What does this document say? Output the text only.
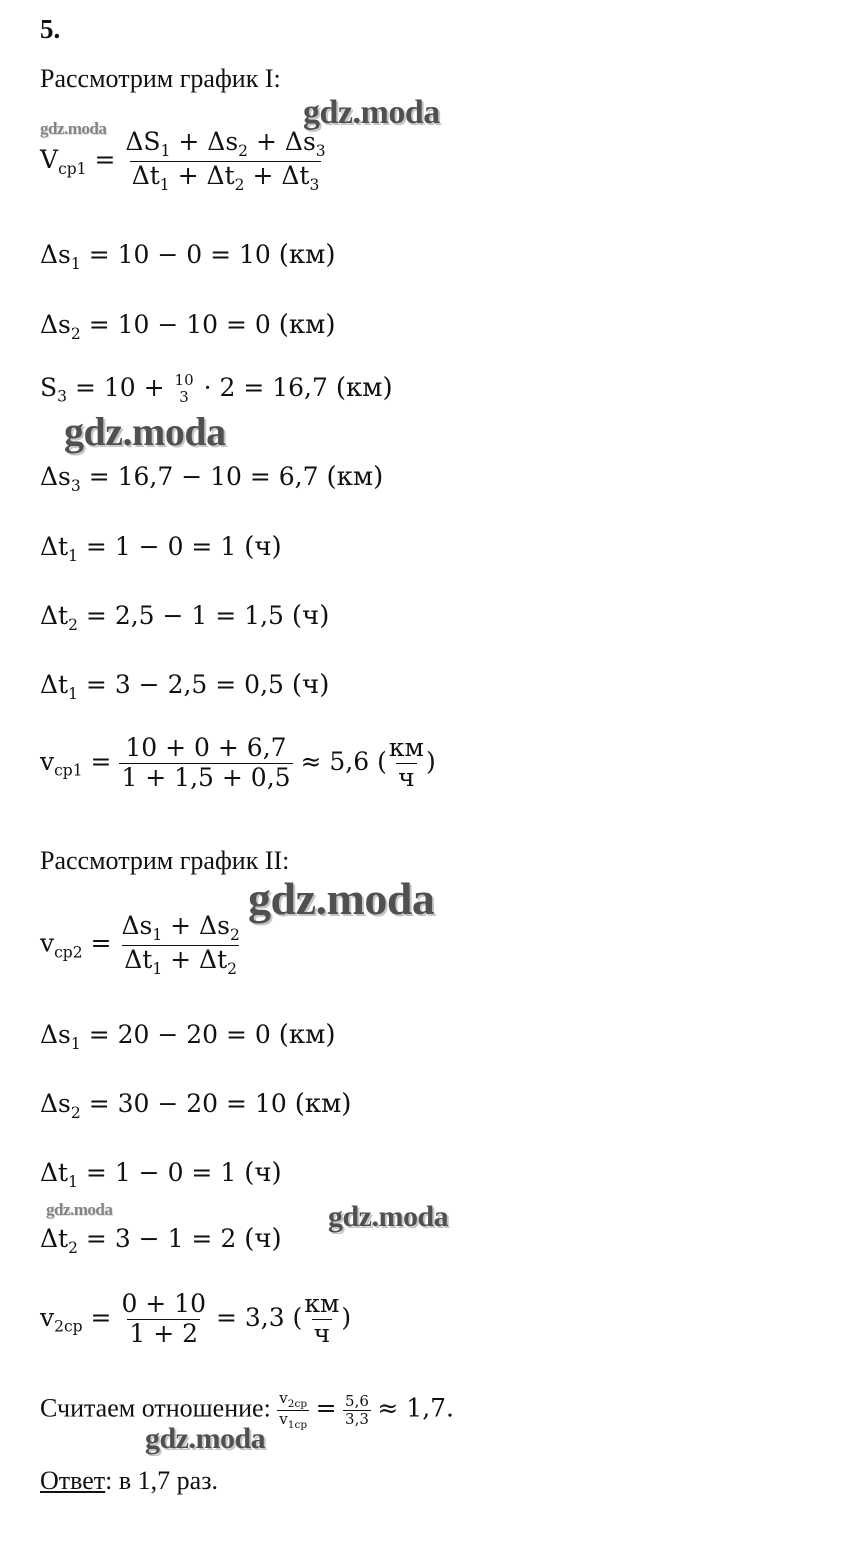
5.
Рассмотрим график I:
gdz.moda	gdz.moda
gdz.moda
gdz.moda
gdz.moda	gdz.moda
gdz.moda
$V_{ср1} = \frac{\Delta S_1 + \Delta s_2 + \Delta s_3}{\Delta t_1 + \Delta t_2 + \Delta t_3}$
$\Delta s_1 = 10 - 0 = 10$ (км)
$\Delta s_2 = 10 - 10 = 0$ (км)
$S_3 = 10 + 10$
3 · 2 = 16,7 (км)
$\Delta s_3 = 16,7 - 10 = 6,7$ (км)
$\Delta t_1 = 1 - 0 = 1$ (ч)
$\Delta t_2 = 2,5 - 1 = 1,5$ (ч)
$\Delta t_1 = 3 - 2,5 = 0,5$ (ч)
$v_{ср1} = \frac{10 + 0 + 6,7}{1 + 1,5 + 0,5} \approx 5,6$ ( $\frac{км}{ч}$ )
Рассмотрим график II:
$v_{ср2} = \frac{\Delta s_1 + \Delta s_2}{\Delta t_1 + \Delta t_2}$
$\Delta s_1 = 20 - 20 = 0$ (км)
$\Delta s_2 = 30 - 20 = 10$ (км)
$\Delta t_1 = 1 - 0 = 1$ (ч)
$\Delta t_2 = 3 - 1 = 2$ (ч)
$v_{2ср} = \frac{0 + 10}{1 + 2} = 3,3$ ( $\frac{км}{ч}$ )
Считаем отношение: $\frac{v_{2ср}}{v_{1ср}} = \frac{5,6}{3,3} \approx 1,7$.
Ответ: в 1,7 раз.
